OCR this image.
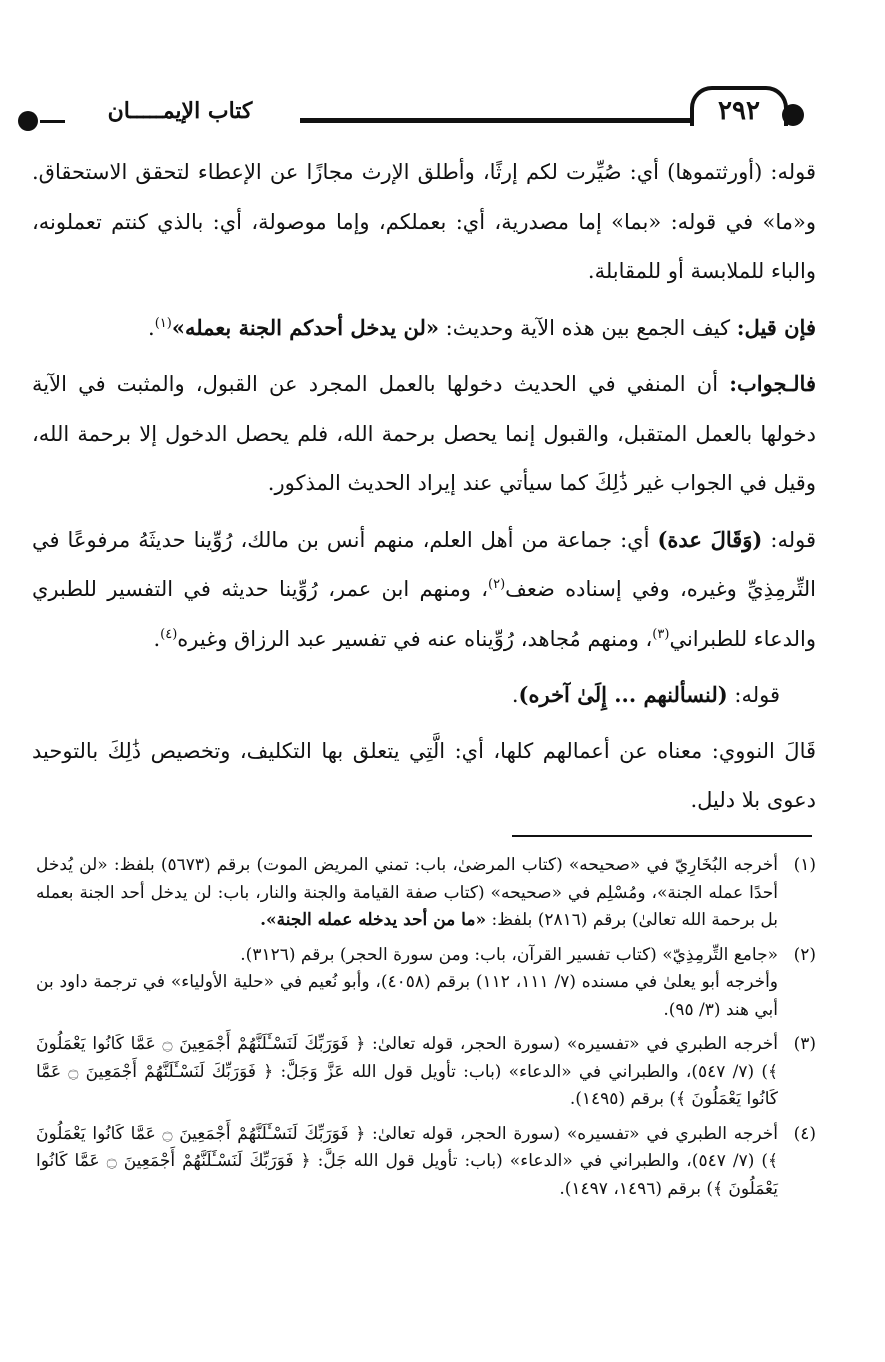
كتاب الإيمـــــان	٢٩٢

قوله: (أورثتموها) أي: صُيِّرت لكم إرثًا، وأطلق الإرث مجازًا عن الإعطاء لتحقق الاستحقاق. و«ما» في قوله: «بما» إما مصدرية، أي: بعملكم، وإما موصولة، أي: بالذي كنتم تعملونه، والباء للملابسة أو للمقابلة.

فإن قيل: كيف الجمع بين هذه الآية وحديث: «لن يدخل أحدكم الجنة بعمله»$^{(١)}$.

فالـجواب: أن المنفي في الحديث دخولها بالعمل المجرد عن القبول، والمثبت في الآية دخولها بالعمل المتقبل، والقبول إنما يحصل برحمة الله، فلم يحصل الدخول إلا برحمة الله، وقيل في الجواب غير ذَٰلِكَ كما سيأتي عند إيراد الحديث المذكور.

قوله: (وَقَالَ عدة) أي: جماعة من أهل العلم، منهم أنس بن مالك، رُوِّينا حديثَهُ مرفوعًا في التِّرمِذِيِّ وغيره، وفي إسناده ضعف$^{(٢)}$، ومنهم ابن عمر، رُوِّينا حديثه في التفسير للطبري والدعاء للطبراني$^{(٣)}$، ومنهم مُجاهد، رُوِّيناه عنه في تفسير عبد الرزاق وغيره$^{(٤)}$.

قوله: (لنسألنهم ... إِلَىٰ آخره).

قَالَ النووي: معناه عن أعمالهم كلها، أي: الَّتِي يتعلق بها التكليف، وتخصيص ذَٰلِكَ بالتوحيد دعوى بلا دليل.

(١)

أخرجه البُخَارِيّ في «صحيحه» (كتاب المرضىٰ، باب: تمني المريض الموت) برقم (٥٦٧٣) بلفظ: «لن يُدخل أحدًا عمله الجنة»، ومُسْلِم في «صحيحه» (كتاب صفة القيامة والجنة والنار، باب: لن يدخل أحد الجنة بعمله بل برحمة الله تعالىٰ) برقم (٢٨١٦) بلفظ: «ما من أحد يدخله عمله الجنة».

(٢)

«جامع التِّرمِذِيّ» (كتاب تفسير القرآن، باب: ومن سورة الحجر) برقم (٣١٢٦).

وأخرجه أبو يعلىٰ في مسنده (٧/ ١١١، ١١٢) برقم (٤٠٥٨)، وأبو نُعيم في «حلية الأولياء» في ترجمة داود بن أبي هند (٣/ ٩٥).

(٣)

أخرجه الطبري في «تفسيره» (سورة الحجر، قوله تعالىٰ: ﴿ فَوَرَبِّكَ لَنَسْـَٔلَنَّهُمْ أَجْمَعِينَ ۝ عَمَّا كَانُوا يَعْمَلُونَ ﴾) (٧/ ٥٤٧)، والطبراني في «الدعاء» (باب: تأويل قول الله عَزَّ وَجَلَّ: ﴿ فَوَرَبِّكَ لَنَسْـَٔلَنَّهُمْ أَجْمَعِينَ ۝ عَمَّا كَانُوا يَعْمَلُونَ ﴾) برقم (١٤٩٥).

(٤)

أخرجه الطبري في «تفسيره» (سورة الحجر، قوله تعالىٰ: ﴿ فَوَرَبِّكَ لَنَسْـَٔلَنَّهُمْ أَجْمَعِينَ ۝ عَمَّا كَانُوا يَعْمَلُونَ ﴾) (٧/ ٥٤٧)، والطبراني في «الدعاء» (باب: تأويل قول الله جَلَّ: ﴿ فَوَرَبِّكَ لَنَسْـَٔلَنَّهُمْ أَجْمَعِينَ ۝ عَمَّا كَانُوا يَعْمَلُونَ ﴾) برقم (١٤٩٦، ١٤٩٧).
